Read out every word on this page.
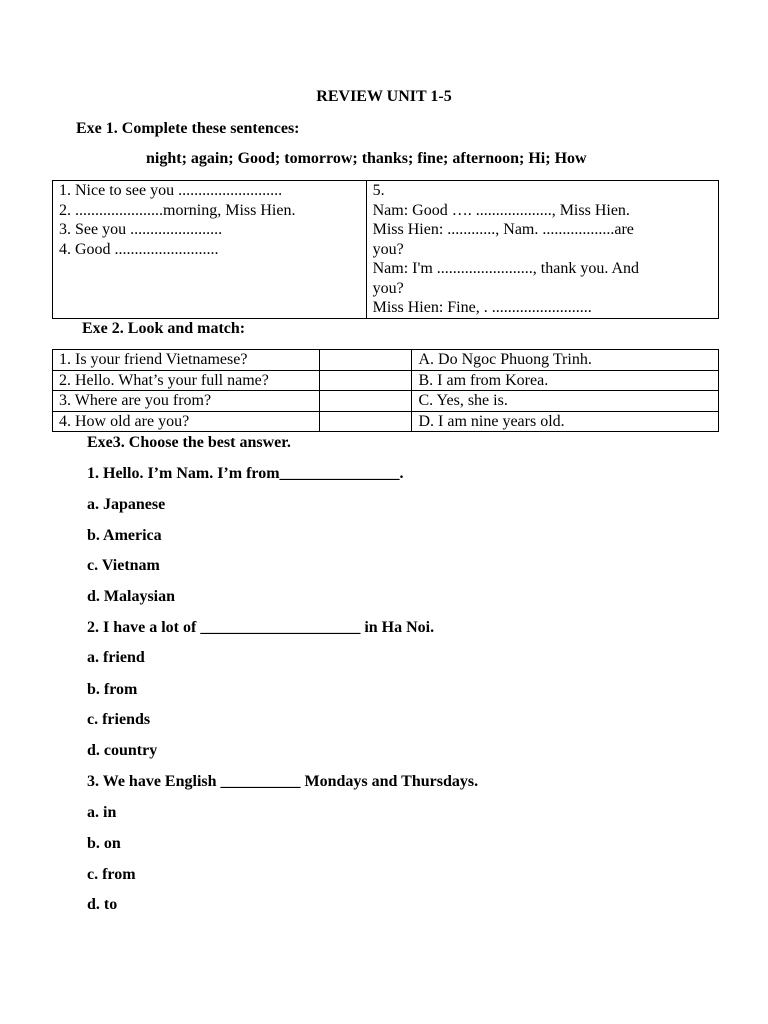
REVIEW UNIT 1-5
Exe 1. Complete these sentences:
night; again; Good; tomorrow; thanks; fine; afternoon; Hi; How
1. Nice to see you ..........................
2. ......................morning, Miss Hien.
3. See you .......................
4. Good ..........................

5.
Nam: Good …. ..................., Miss Hien.
Miss Hien: ............, Nam. ..................are
you?
Nam: I'm ........................, thank you. And
you?
Miss Hien: Fine, . .........................
Exe 2. Look and match:
1. Is your friend Vietnamese?		A. Do Ngoc Phuong Trinh.
2. Hello. What’s your full name?		B. I am from Korea.
3. Where are you from?		C. Yes, she is.
4. How old are you?		D. I am nine years old.
Exe3. Choose the best answer.
1. Hello. I’m Nam. I’m from_______________.
a. Japanese
b. America
c. Vietnam
d. Malaysian
2. I have a lot of ____________________ in Ha Noi.
a. friend
b. from
c. friends
d. country
3. We have English __________ Mondays and Thursdays.
a. in
b. on
c. from
d. to
